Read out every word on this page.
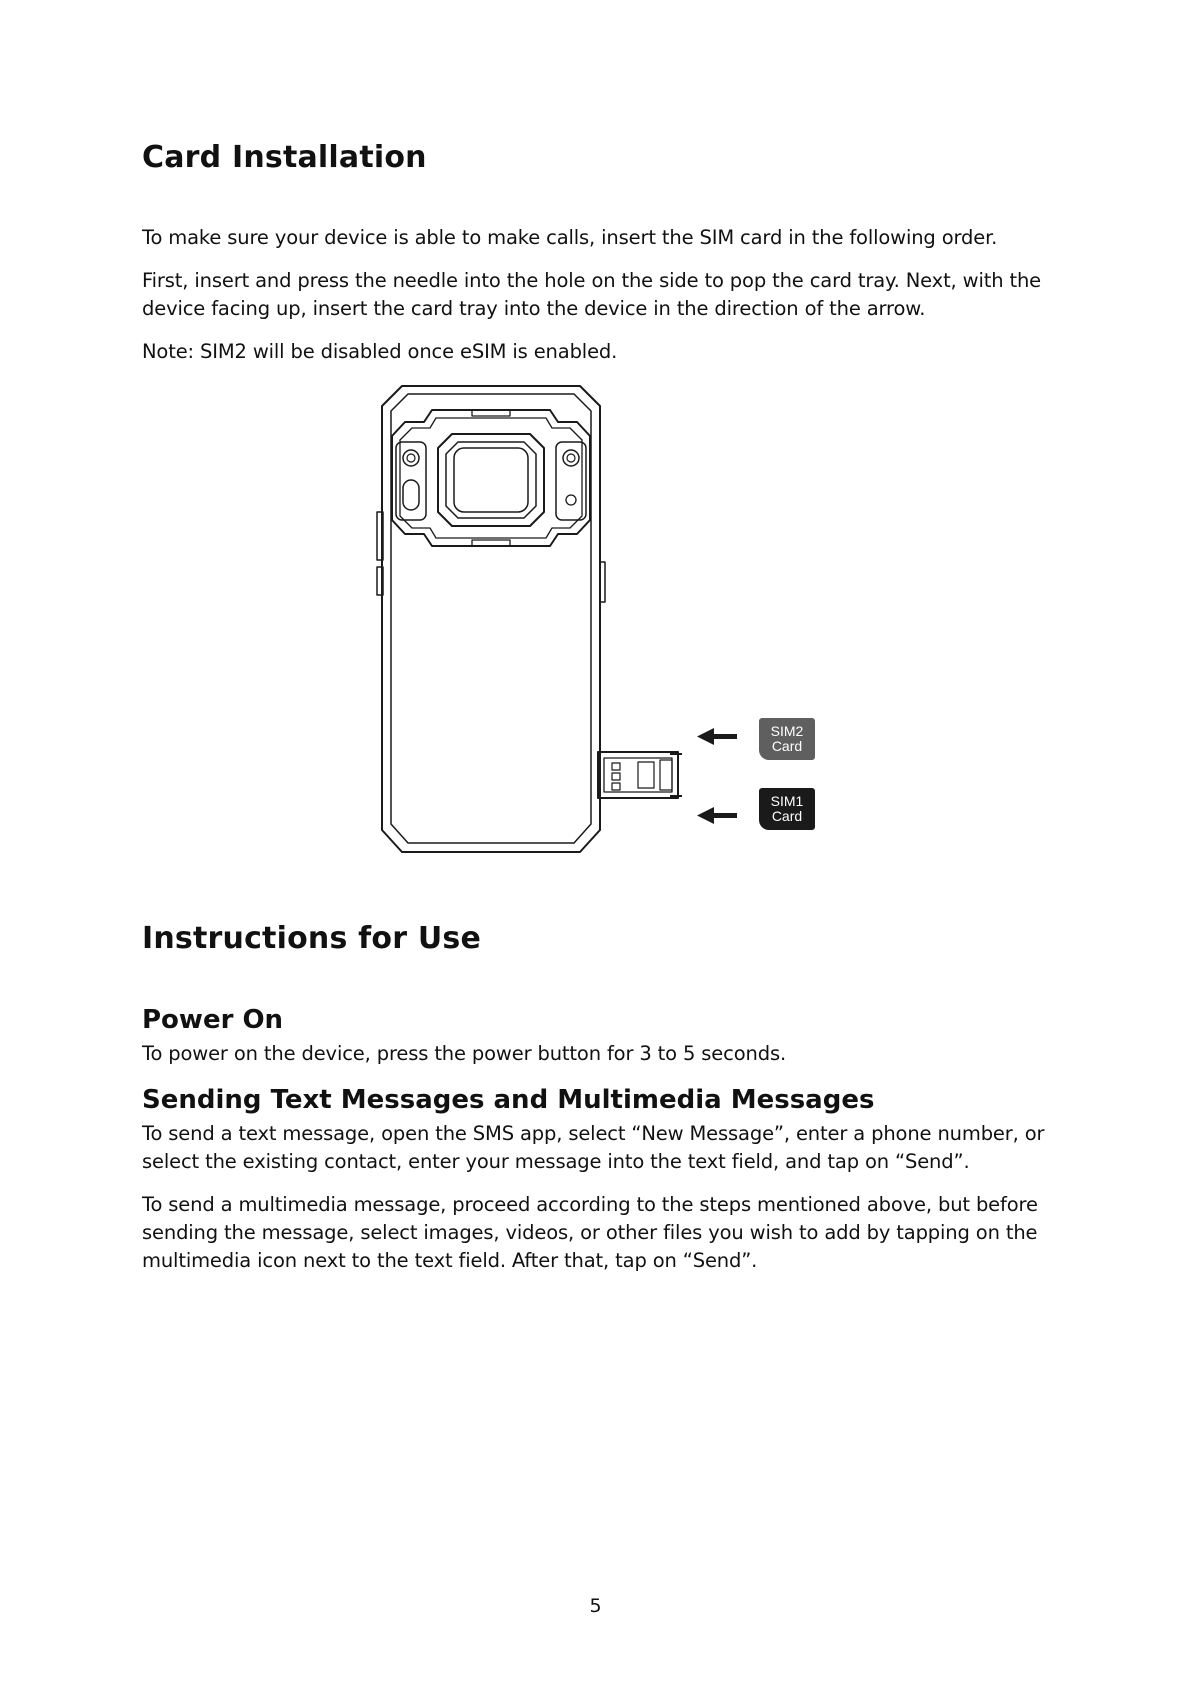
Card Installation

To make sure your device is able to make calls, insert the SIM card in the following order.

First, insert and press the needle into the hole on the side to pop the card tray. Next, with the device facing up, insert the card tray into the device in the direction of the arrow.

Note: SIM2 will be disabled once eSIM is enabled.

Instructions for Use
Power On

To power on the device, press the power button for 3 to 5 seconds.

Sending Text Messages and Multimedia Messages

To send a text message, open the SMS app, select “New Message”, enter a phone number, or select the existing contact, enter your message into the text field, and tap on “Send”.

To send a multimedia message, proceed according to the steps mentioned above, but before sending the message, select images, videos, or other files you wish to add by tapping on the multimedia icon next to the text field. After that, tap on “Send”.

SIM2
Card
SIM1
Card
5
